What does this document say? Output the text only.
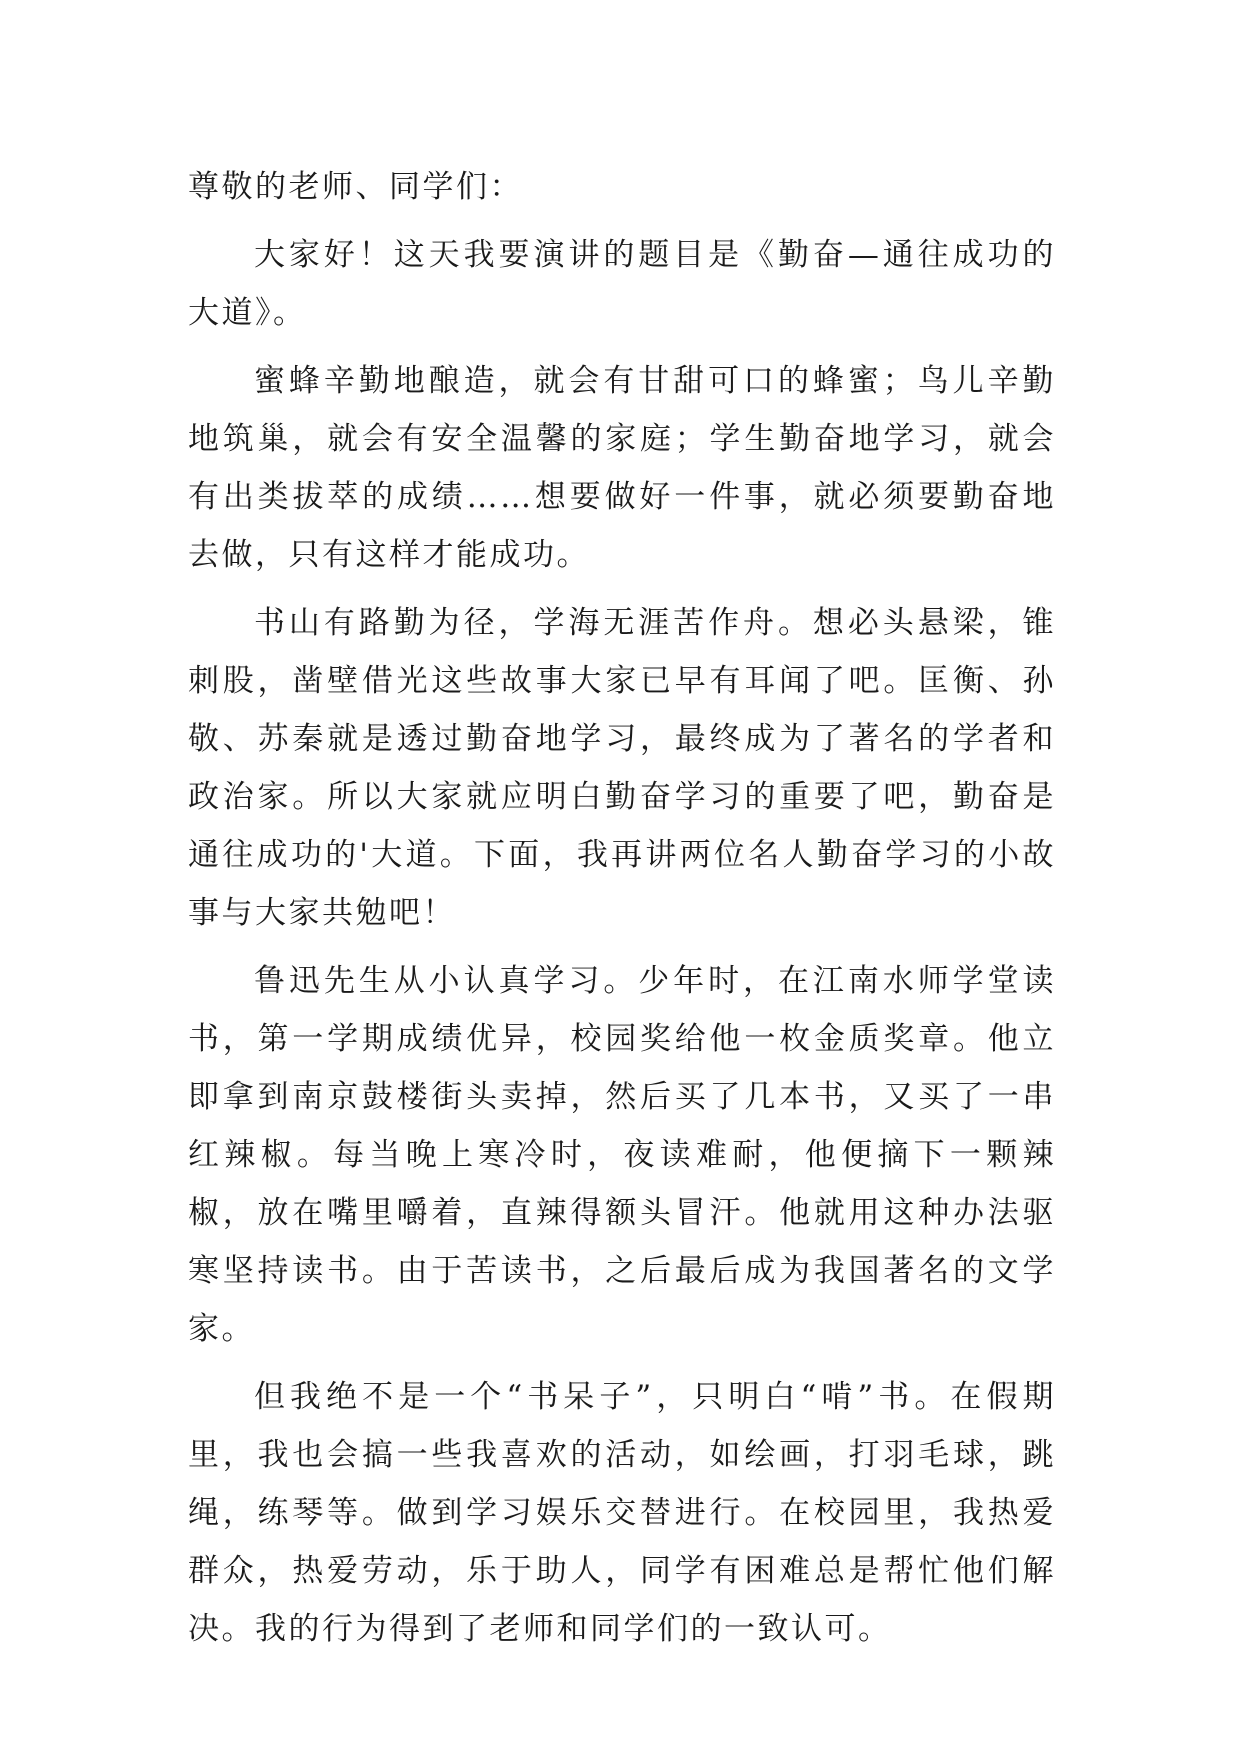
尊敬的老师、同学们：

大家好！这天我要演讲的题目是《勤奋—通往成功的大道》。

蜜蜂辛勤地酿造，就会有甘甜可口的蜂蜜；鸟儿辛勤地筑巢，就会有安全温馨的家庭；学生勤奋地学习，就会有出类拔萃的成绩……想要做好一件事，就必须要勤奋地去做，只有这样才能成功。

书山有路勤为径，学海无涯苦作舟。想必头悬梁，锥刺股，凿壁借光这些故事大家已早有耳闻了吧。匡衡、孙敬、苏秦就是透过勤奋地学习，最终成为了著名的学者和政治家。所以大家就应明白勤奋学习的重要了吧，勤奋是通往成功的'大道。下面，我再讲两位名人勤奋学习的小故事与大家共勉吧！

鲁迅先生从小认真学习。少年时，在江南水师学堂读书，第一学期成绩优异，校园奖给他一枚金质奖章。他立即拿到南京鼓楼街头卖掉，然后买了几本书，又买了一串红辣椒。每当晚上寒冷时，夜读难耐，他便摘下一颗辣椒，放在嘴里嚼着，直辣得额头冒汗。他就用这种办法驱寒坚持读书。由于苦读书，之后最后成为我国著名的文学家。

但我绝不是一个“书呆子”，只明白“啃”书。在假期里，我也会搞一些我喜欢的活动，如绘画，打羽毛球，跳绳，练琴等。做到学习娱乐交替进行。在校园里，我热爱群众，热爱劳动，乐于助人，同学有困难总是帮忙他们解决。我的行为得到了老师和同学们的一致认可。
